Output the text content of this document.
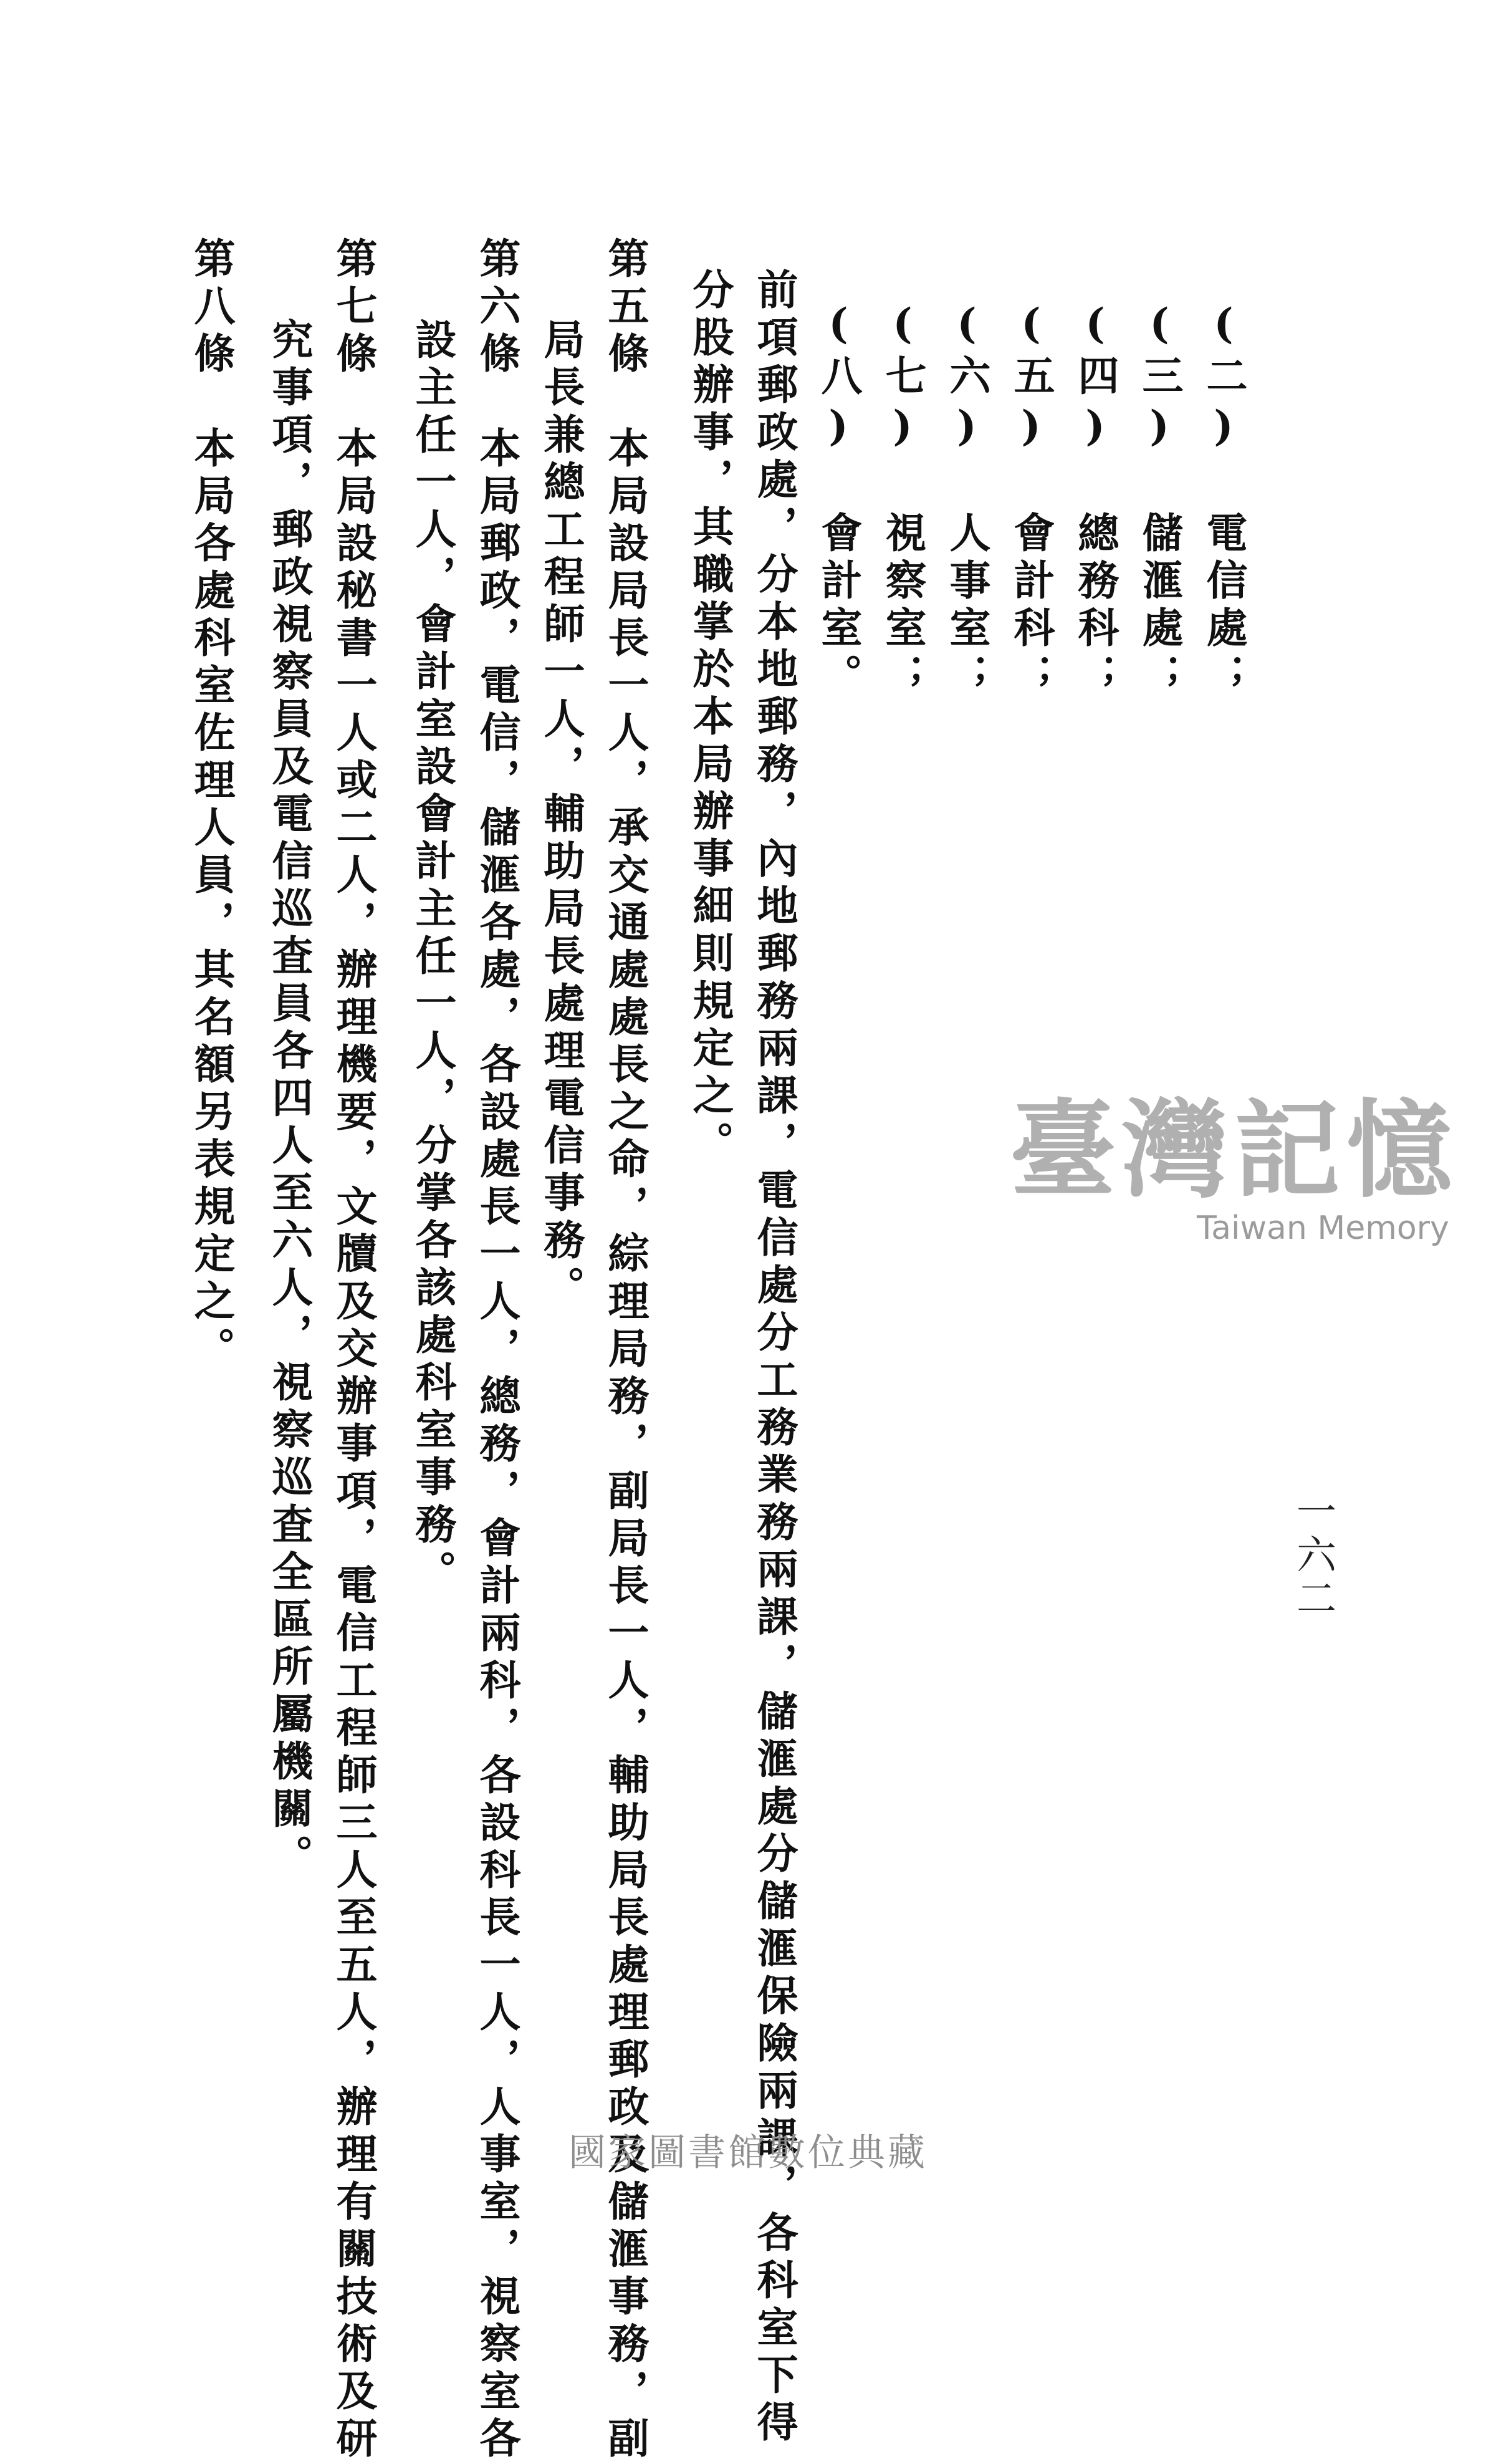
一六二
(二) 電信處；
(三) 儲滙處；
(四) 總務科；
(五) 會計科；
(六) 人事室；
(七) 視察室；
(八) 會計室。
前項郵政處，分本地郵務，內地郵務兩課，電信處分工務業務兩課，儲滙處分儲滙保險兩課，各科室下得
分股辦事，其職掌於本局辦事細則規定之。
第五條　本局設局長一人，承交通處處長之命，綜理局務，副局長一人，輔助局長處理郵政及儲滙事務，副
局長兼總工程師一人，輔助局長處理電信事務。
第六條　本局郵政，電信，儲滙各處，各設處長一人，總務，會計兩科，各設科長一人，人事室，視察室各
設主任一人，會計室設會計主任一人，分掌各該處科室事務。
第七條　本局設秘書一人或二人，辦理機要，文牘及交辦事項，電信工程師三人至五人，辦理有關技術及研
究事項，郵政視察員及電信巡査員各四人至六人，視察巡査全區所屬機關。
第八條　本局各處科室佐理人員，其名額另表規定之。	臺灣記憶
Taiwan Memory
國家圖書館數位典藏
